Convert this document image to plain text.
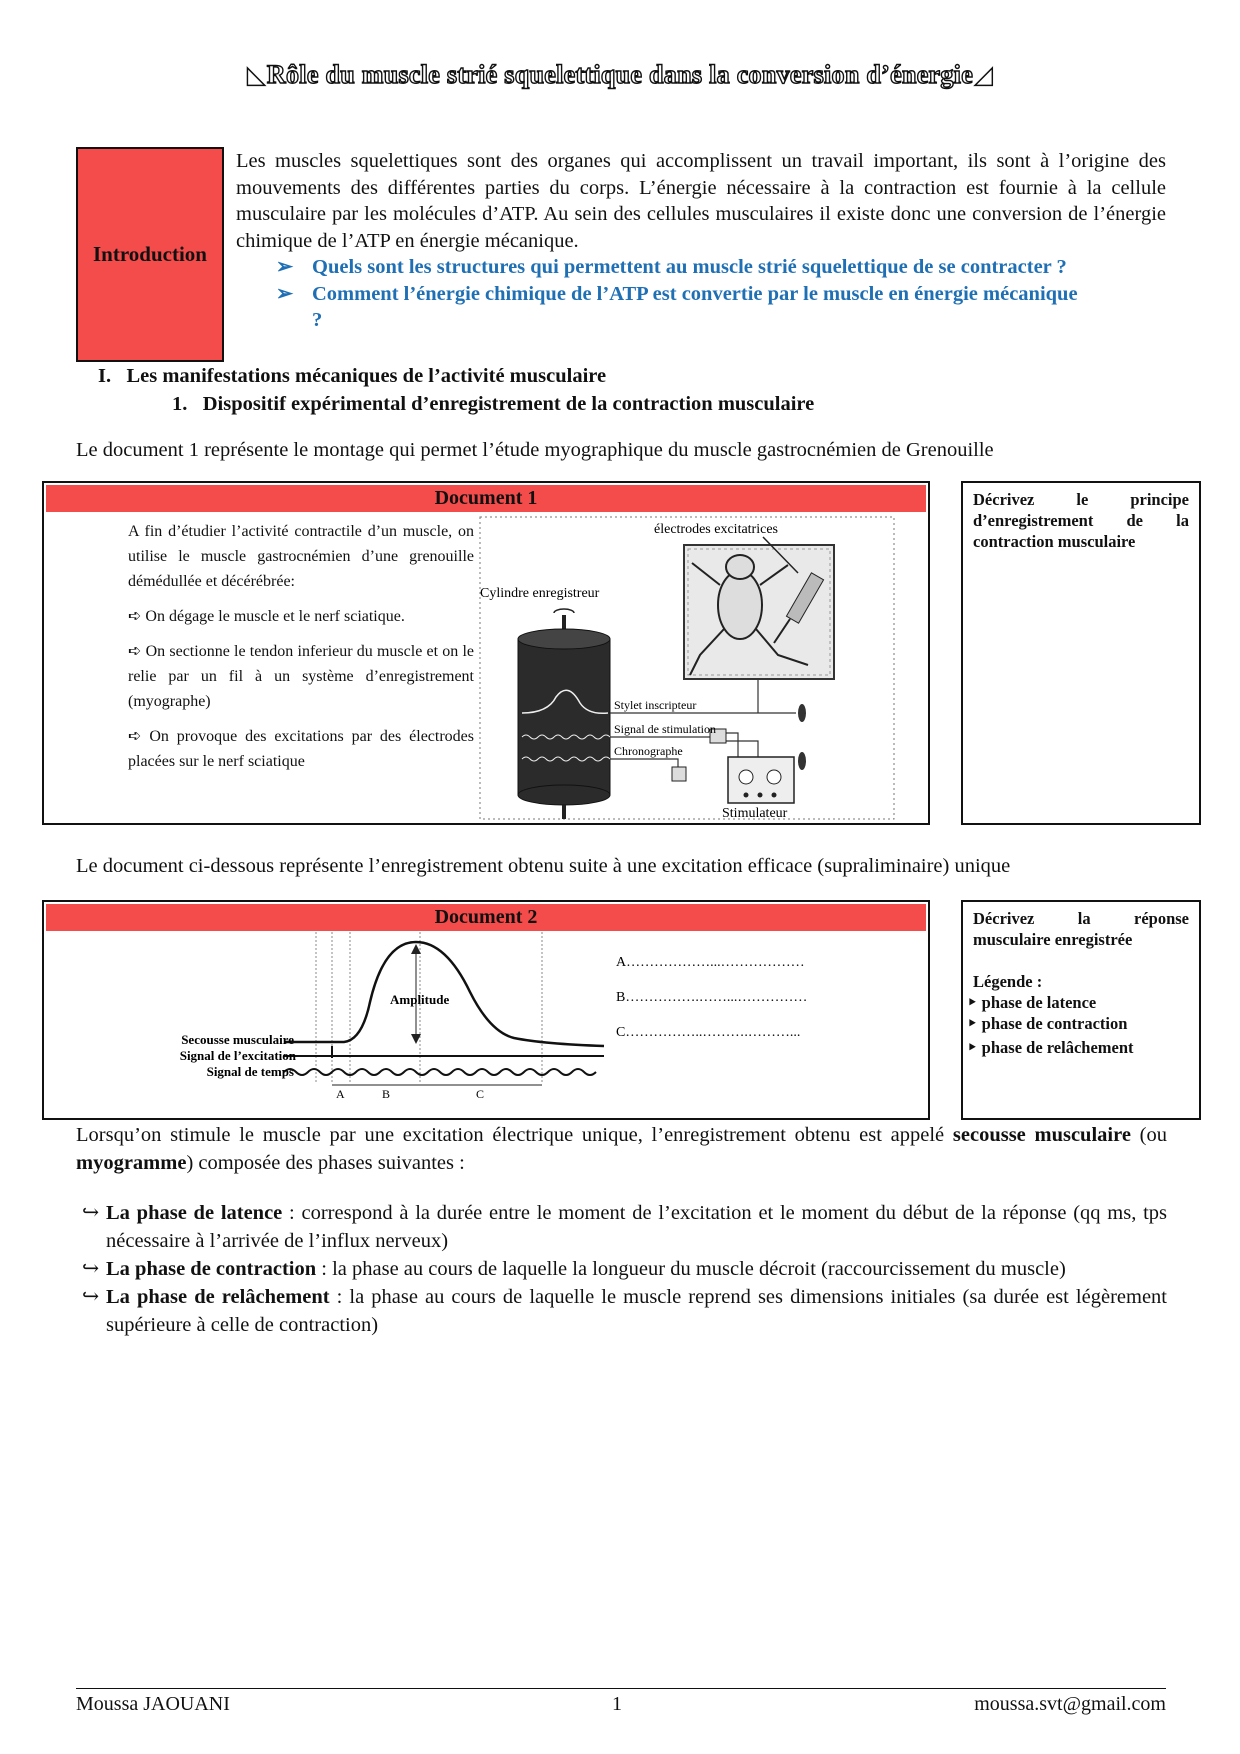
◺Rôle du muscle strié squelettique dans la conversion d’énergie◿
Introduction
Les muscles squelettiques sont des organes qui accomplissent un travail important, ils sont à l’origine des mouvements des différentes parties du corps. L’énergie nécessaire à la contraction est fournie à la cellule musculaire par les molécules d’ATP. Au sein des cellules musculaires il existe donc une conversion de l’énergie chimique de l’ATP en énergie mécanique.
➢ Quels sont les structures qui permettent au muscle strié squelettique de se contracter ?
➢ Comment l’énergie chimique de l’ATP est convertie par le muscle en énergie mécanique ?
I. Les manifestations mécaniques de l’activité musculaire
1. Dispositif expérimental d’enregistrement de la contraction musculaire
Le document 1 représente le montage qui permet l’étude myographique du muscle gastrocnémien de Grenouille
Document 1
A fin d’étudier l’activité contractile d’un muscle, on utilise le muscle gastrocnémien d’une grenouille démédullée et décérébrée:
➪ On dégage le muscle et le nerf sciatique.
➪ On sectionne le tendon inferieur du muscle et on le relie par un fil à un système d’enregistrement (myographe)
➪ On provoque des excitations par des électrodes placées sur le nerf sciatique
électrodes excitatrices
Cylindre enregistreur
Stylet inscripteur
Signal de stimulation
Chronographe
Stimulateur
Décrivez le principe d’enregistrement de la contraction musculaire
Le document ci-dessous représente l’enregistrement obtenu suite à une excitation efficace (supraliminaire) unique
Document 2
A	B	C
Amplitude
Secousse musculaire
Signal de l’excitation
Signal de temps
A………………...………………
B…………….……...……………
C……………..……….………...
Décrivez la réponse musculaire enregistrée
Légende :
‣ phase de latence
‣ phase de contraction
‣ phase de relâchement
Lorsqu’on stimule le muscle par une excitation électrique unique, l’enregistrement obtenu est appelé secousse musculaire (ou myogramme) composée des phases suivantes :
↪ La phase de latence : correspond à la durée entre le moment de l’excitation et le moment du début de la réponse (qq ms, tps nécessaire à l’arrivée de l’influx nerveux)
↪ La phase de contraction : la phase au cours de laquelle la longueur du muscle décroit (raccourcissement du muscle)
↪ La phase de relâchement : la phase au cours de laquelle le muscle reprend ses dimensions initiales (sa durée est légèrement supérieure à celle de contraction)
Moussa JAOUANI	1	moussa.svt@gmail.com
